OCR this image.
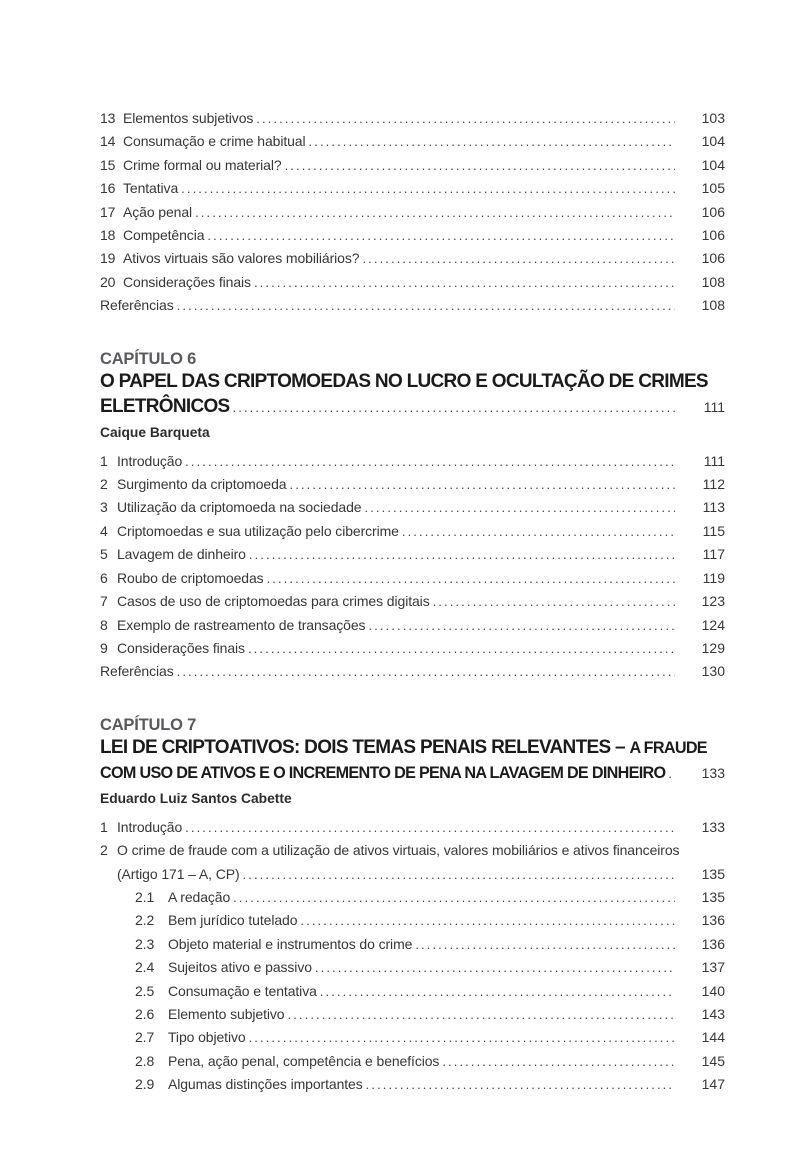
13 Elementos subjetivos .....	103
14 Consumação e crime habitual .....	104
15 Crime formal ou material? .....	104
16 Tentativa .....	105
17 Ação penal .....	106
18 Competência .....	106
19 Ativos virtuais são valores mobiliários? .....	106
20 Considerações finais .....	108
Referências .....	108
CAPÍTULO 6
O PAPEL DAS CRIPTOMOEDAS NO LUCRO E OCULTAÇÃO DE CRIMES
ELETRÔNICOS .....	111
Caique Barqueta
1 Introdução .....	111
2 Surgimento da criptomoeda .....	112
3 Utilização da criptomoeda na sociedade .....	113
4 Criptomoedas e sua utilização pelo cibercrime .....	115
5 Lavagem de dinheiro .....	117
6 Roubo de criptomoedas .....	119
7 Casos de uso de criptomoedas para crimes digitais .....	123
8 Exemplo de rastreamento de transações .....	124
9 Considerações finais .....	129
Referências .....	130
CAPÍTULO 7
LEI DE CRIPTOATIVOS: DOIS TEMAS PENAIS RELEVANTES – A FRAUDE
COM USO DE ATIVOS E O INCREMENTO DE PENA NA LAVAGEM DE DINHEIRO .....	133
Eduardo Luiz Santos Cabette
1 Introdução .....	133
2 O crime de fraude com a utilização de ativos virtuais, valores mobiliários e ativos financeiros
(Artigo 171 – A, CP) .....	135
2.1 A redação .....	135
2.2 Bem jurídico tutelado .....	136
2.3 Objeto material e instrumentos do crime .....	136
2.4 Sujeitos ativo e passivo .....	137
2.5 Consumação e tentativa .....	140
2.6 Elemento subjetivo .....	143
2.7 Tipo objetivo .....	144
2.8 Pena, ação penal, competência e benefícios .....	145
2.9 Algumas distinções importantes .....	147
